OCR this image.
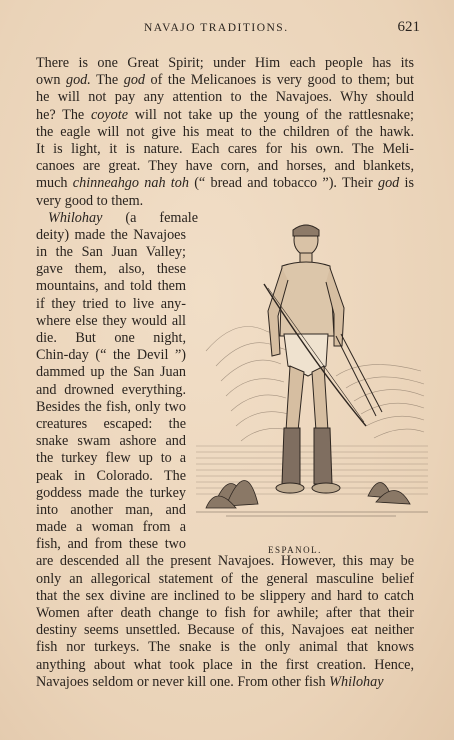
NAVAJO TRADITIONS.	621
There is one Great Spirit; under Him each people has its
own god. The god of the Melicanoes is very good to them; but
he will not pay any attention to the Navajoes. Why should
he? The coyote will not take up the young of the rattlesnake;
the eagle will not give his meat to the children of the hawk.
It is light, it is nature. Each cares for his own. The Meli-
canoes are great. They have corn, and horses, and blankets,
much chinneahgo nah toh (“ bread and tobacco ”). Their god is
very good to them.
Whilohay (a female
deity) made the Navajoes
in the San Juan Valley;
gave them, also, these
mountains, and told them
if they tried to live any-
where else they would all
die. But one night,
Chin-day (“ the Devil ”)
dammed up the San Juan
and drowned everything.
Besides the fish, only two
creatures escaped: the
snake swam ashore and
the turkey flew up to a
peak in Colorado. The
goddess made the turkey
into another man, and
made a woman from a
fish, and from these two
are descended all the present Navajoes. However, this may be
only an allegorical statement of the general masculine belief
that the sex divine are inclined to be slippery and hard to catch
Women after death change to fish for awhile; after that their
destiny seems unsettled. Because of this, Navajoes eat neither
fish nor turkeys. The snake is the only animal that knows
anything about what took place in the first creation. Hence,
Navajoes seldom or never kill one. From other fish Whilohay
ESPANOL.
